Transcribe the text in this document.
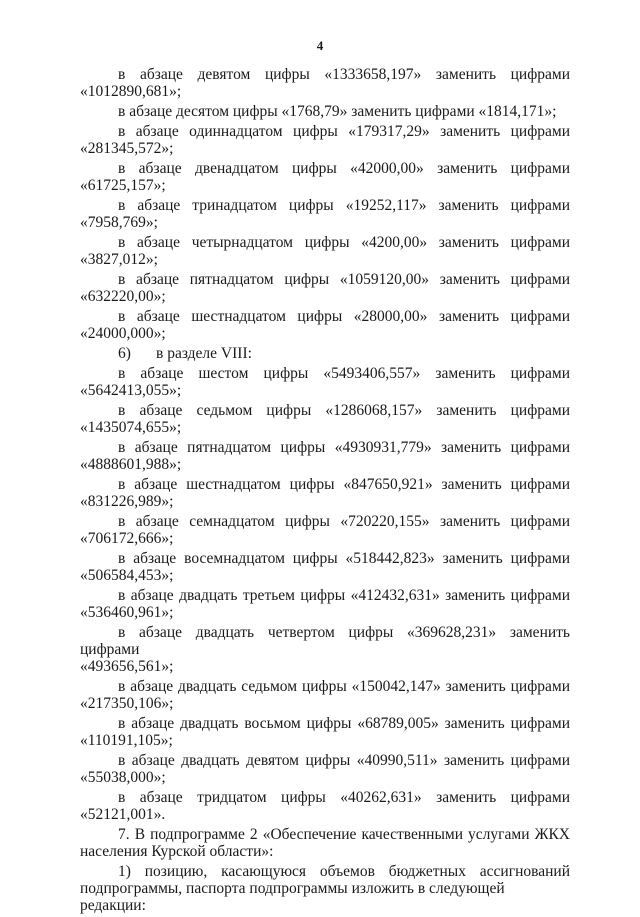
4

в абзаце девятом цифры «1333658,197» заменить цифрами
«1012890,681»;

в абзаце десятом цифры «1768,79» заменить цифрами «1814,171»;

в абзаце одиннадцатом цифры «179317,29» заменить цифрами
«281345,572»;

в абзаце двенадцатом цифры «42000,00» заменить цифрами
«61725,157»;

в абзаце тринадцатом цифры «19252,117» заменить цифрами
«7958,769»;

в абзаце четырнадцатом цифры «4200,00» заменить цифрами
«3827,012»;

в абзаце пятнадцатом цифры «1059120,00» заменить цифрами
«632220,00»;

в абзаце шестнадцатом цифры «28000,00» заменить цифрами
«24000,000»;

6) в разделе VIII:

в абзаце шестом цифры «5493406,557» заменить цифрами
«5642413,055»;

в абзаце седьмом цифры «1286068,157» заменить цифрами
«1435074,655»;

в абзаце пятнадцатом цифры «4930931,779» заменить цифрами
«4888601,988»;

в абзаце шестнадцатом цифры «847650,921» заменить цифрами
«831226,989»;

в абзаце семнадцатом цифры «720220,155» заменить цифрами
«706172,666»;

в абзаце восемнадцатом цифры «518442,823» заменить цифрами
«506584,453»;

в абзаце двадцать третьем цифры «412432,631» заменить цифрами
«536460,961»;

в абзаце двадцать четвертом цифры «369628,231» заменить цифрами
«493656,561»;

в абзаце двадцать седьмом цифры «150042,147» заменить цифрами
«217350,106»;

в абзаце двадцать восьмом цифры «68789,005» заменить цифрами
«110191,105»;

в абзаце двадцать девятом цифры «40990,511» заменить цифрами
«55038,000»;

в абзаце тридцатом цифры «40262,631» заменить цифрами
«52121,001».

7. В подпрограмме 2 «Обеспечение качественными услугами ЖКХ
населения Курской области»:

1) позицию, касающуюся объемов бюджетных ассигнований
подпрограммы, паспорта подпрограммы изложить в следующей редакции:
